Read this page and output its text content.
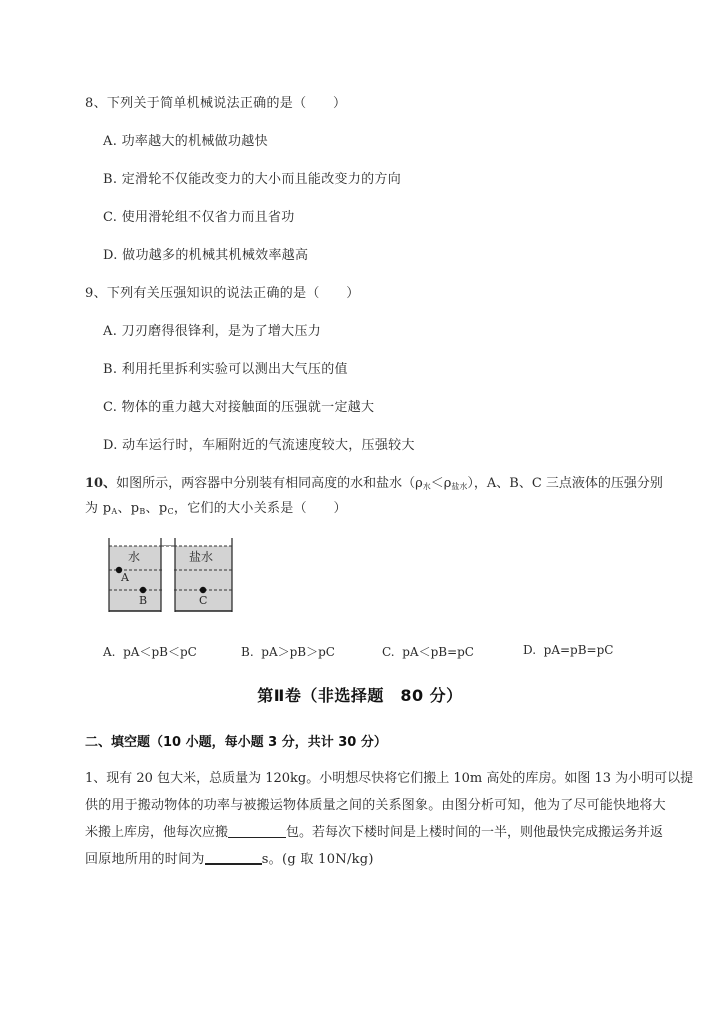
8、下列关于简单机械说法正确的是（　　）
A. 功率越大的机械做功越快
B. 定滑轮不仅能改变力的大小而且能改变力的方向
C. 使用滑轮组不仅省力而且省功
D. 做功越多的机械其机械效率越高
9、下列有关压强知识的说法正确的是（　　）
A. 刀刃磨得很锋利，是为了增大压力
B. 利用托里拆利实验可以测出大气压的值
C. 物体的重力越大对接触面的压强就一定越大
D. 动车运行时，车厢附近的气流速度较大，压强较大
10、如图所示，两容器中分别装有相同高度的水和盐水$(\rho_水<\rho_{盐水})$，A、B、C 三点液体的压强分别
为 $p_A$、$p_B$、$p_C$，它们的大小关系是（　　）
水	盐水
A
B	C
A. pA＜pB＜pC	B. pA＞pB＞pC	C. pA＜pB=pC	D. pA=pB=pC
第Ⅱ卷（非选择题　80 分）
二、填空题（10 小题，每小题 3 分，共计 30 分）
1、现有 20 包大米，总质量为 120kg。小明想尽快将它们搬上 10m 高处的库房。如图 13 为小明可以提
供的用于搬动物体的功率与被搬运物体质量之间的关系图象。由图分析可知，他为了尽可能快地将大
米搬上库房，他每次应搬	包。若每次下楼时间是上楼时间的一半，则他最快完成搬运务并返
回原地所用的时间为	s。(g 取 10N/kg)
